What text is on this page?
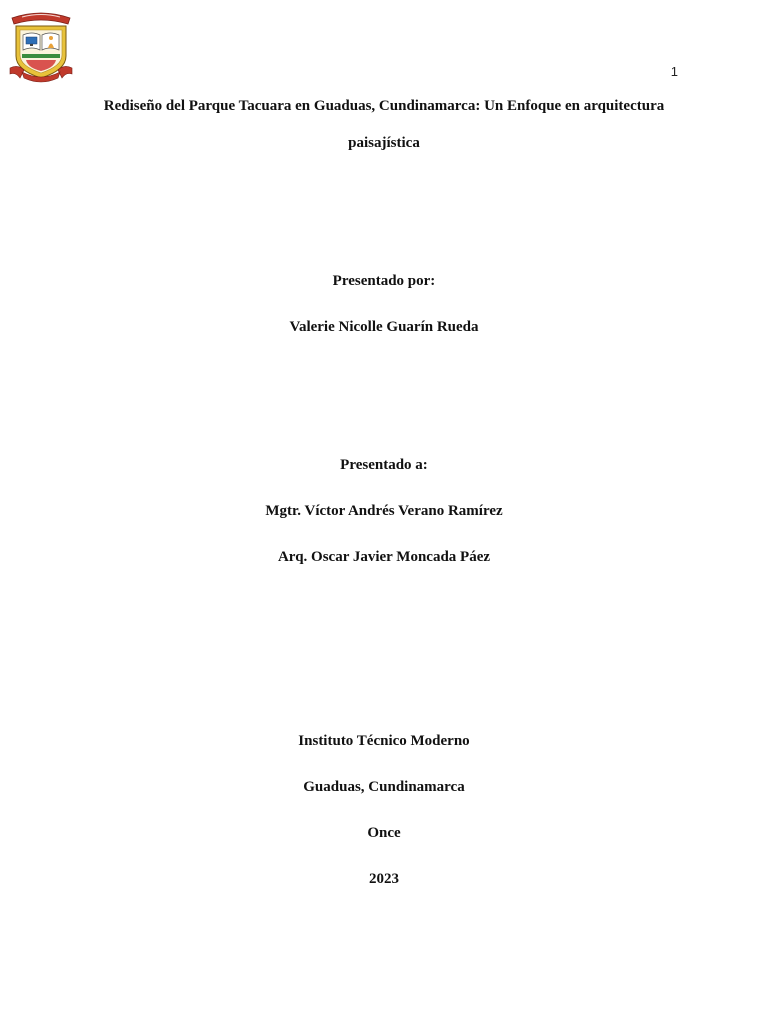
1
Rediseño del Parque Tacuara en Guaduas, Cundinamarca: Un Enfoque en arquitectura
paisajística
Presentado por:
Valerie Nicolle Guarín Rueda
Presentado a:
Mgtr. Víctor Andrés Verano Ramírez
Arq. Oscar Javier Moncada Páez
Instituto Técnico Moderno
Guaduas, Cundinamarca
Once
2023
